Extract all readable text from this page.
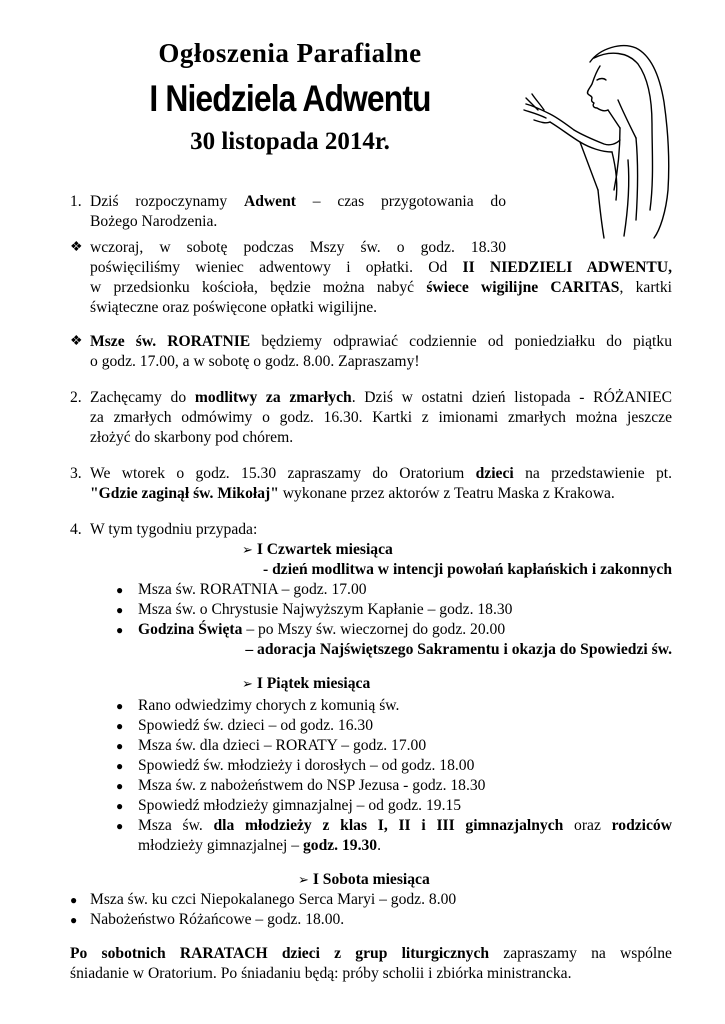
Ogłoszenia Parafialne
I Niedziela Adwentu
30 listopada 2014r.
1. Dziś rozpoczynamy Adwent – czas przygotowania do
Bożego Narodzenia.
❖ wczoraj, w sobotę podczas Mszy św. o godz. 18.30
poświęciliśmy wieniec adwentowy i opłatki. Od II NIEDZIELI ADWENTU,
w przedsionku kościoła, będzie można nabyć świece wigilijne CARITAS, kartki
świąteczne oraz poświęcone opłatki wigilijne.
❖ Msze św. RORATNIE będziemy odprawiać codziennie od poniedziałku do piątku
o godz. 17.00, a w sobotę o godz. 8.00. Zapraszamy!
2. Zachęcamy do modlitwy za zmarłych. Dziś w ostatni dzień listopada - RÓŻANIEC
za zmarłych odmówimy o godz. 16.30. Kartki z imionami zmarłych można jeszcze
złożyć do skarbony pod chórem.
3. We wtorek o godz. 15.30 zapraszamy do Oratorium dzieci na przedstawienie pt.
"Gdzie zaginął św. Mikołaj" wykonane przez aktorów z Teatru Maska z Krakowa.
4. W tym tygodniu przypada:
➢ I Czwartek miesiąca
- dzień modlitwa w intencji powołań kapłańskich i zakonnych
● Msza św. RORATNIA – godz. 17.00
● Msza św. o Chrystusie Najwyższym Kapłanie – godz. 18.30
● Godzina Święta – po Mszy św. wieczornej do godz. 20.00
– adoracja Najświętszego Sakramentu i okazja do Spowiedzi św.
➢ I Piątek miesiąca
● Rano odwiedzimy chorych z komunią św.
● Spowiedź św. dzieci – od godz. 16.30
● Msza św. dla dzieci – RORATY – godz. 17.00
● Spowiedź św. młodzieży i dorosłych – od godz. 18.00
● Msza św. z nabożeństwem do NSP Jezusa - godz. 18.30
● Spowiedź młodzieży gimnazjalnej – od godz. 19.15
● Msza św. dla młodzieży z klas I, II i III gimnazjalnych oraz rodziców
młodzieży gimnazjalnej – godz. 19.30.
➢ I Sobota miesiąca
● Msza św. ku czci Niepokalanego Serca Maryi – godz. 8.00
● Nabożeństwo Różańcowe – godz. 18.00.
Po sobotnich RARATACH dzieci z grup liturgicznych zapraszamy na wspólne
śniadanie w Oratorium. Po śniadaniu będą: próby scholii i zbiórka ministrancka.
